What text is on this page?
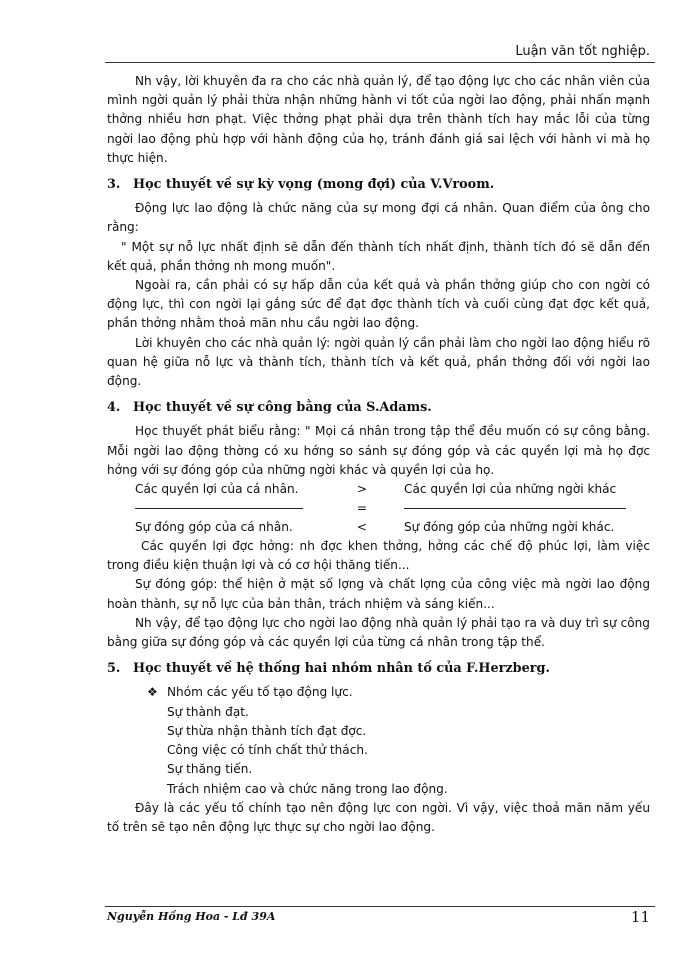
Luận văn tốt nghiệp.

Nh vậy, lời khuyên đa ra cho các nhà quản lý, để tạo động lực cho các nhân viên của mình ngời quản lý phải thừa nhận những hành vi tốt của ngời lao động, phải nhấn mạnh thởng nhiều hơn phạt. Việc thởng phạt phải dựa trên thành tích hay mắc lỗi của từng ngời lao động phù hợp với hành động của họ, tránh đánh giá sai lệch với hành vi mà họ thực hiện.

3. Học thuyết về sự kỳ vọng (mong đợi) của V.Vroom.

Động lực lao động là chức năng của sự mong đợi cá nhân. Quan điểm của ông cho rằng:

" Một sự nỗ lực nhất định sẽ dẫn đến thành tích nhất định, thành tích đó sẽ dẫn đến kết quả, phần thởng nh mong muốn".

Ngoài ra, cần phải có sự hấp dẫn của kết quả và phần thởng giúp cho con ngời có động lực, thì con ngời lại gắng sức để đạt đợc thành tích và cuối cùng đạt đợc kết quả, phần thởng nhằm thoả mãn nhu cầu ngời lao động.

Lời khuyên cho các nhà quản lý: ngời quản lý cần phải làm cho ngời lao động hiểu rõ quan hệ giữa nỗ lực và thành tích, thành tích và kết quả, phần thởng đối với ngời lao động.

4. Học thuyết về sự công bằng của S.Adams.

Học thuyết phát biểu rằng: " Mọi cá nhân trong tập thể đều muốn có sự công bằng. Mỗi ngời lao động thờng có xu hớng so sánh sự đóng góp và các quyền lợi mà họ đợc hởng với sự đóng góp của những ngời khác và quyền lợi của họ.

Các quyền lợi của cá nhân.	>	Các quyền lợi của những ngời khác
=
Sự đóng góp của cá nhân.	<	Sự đóng góp của những ngời khác.

Các quyền lợi đợc hởng: nh đợc khen thởng, hởng các chế độ phúc lợi, làm việc trong điều kiện thuận lợi và có cơ hội thăng tiến...

Sự đóng góp: thể hiện ở mặt số lợng và chất lợng của công việc mà ngời lao động hoàn thành, sự nỗ lực của bản thân, trách nhiệm và sáng kiến...

Nh vậy, để tạo động lực cho ngời lao động nhà quản lý phải tạo ra và duy trì sự công bằng giữa sự đóng góp và các quyền lợi của từng cá nhân trong tập thể.

5. Học thuyết về hệ thống hai nhóm nhân tố của F.Herzberg.

❖ Nhóm các yếu tố tạo động lực.
Sự thành đạt.
Sự thừa nhận thành tích đạt đợc.
Công việc có tính chất thử thách.
Sự thăng tiến.
Trách nhiệm cao và chức năng trong lao động.

Đây là các yếu tố chính tạo nên động lực con ngời. Vì vậy, việc thoả mãn năm yếu tố trên sẽ tạo nên động lực thực sự cho ngời lao động.

Nguyễn Hồng Hoa - Lđ 39A	11
